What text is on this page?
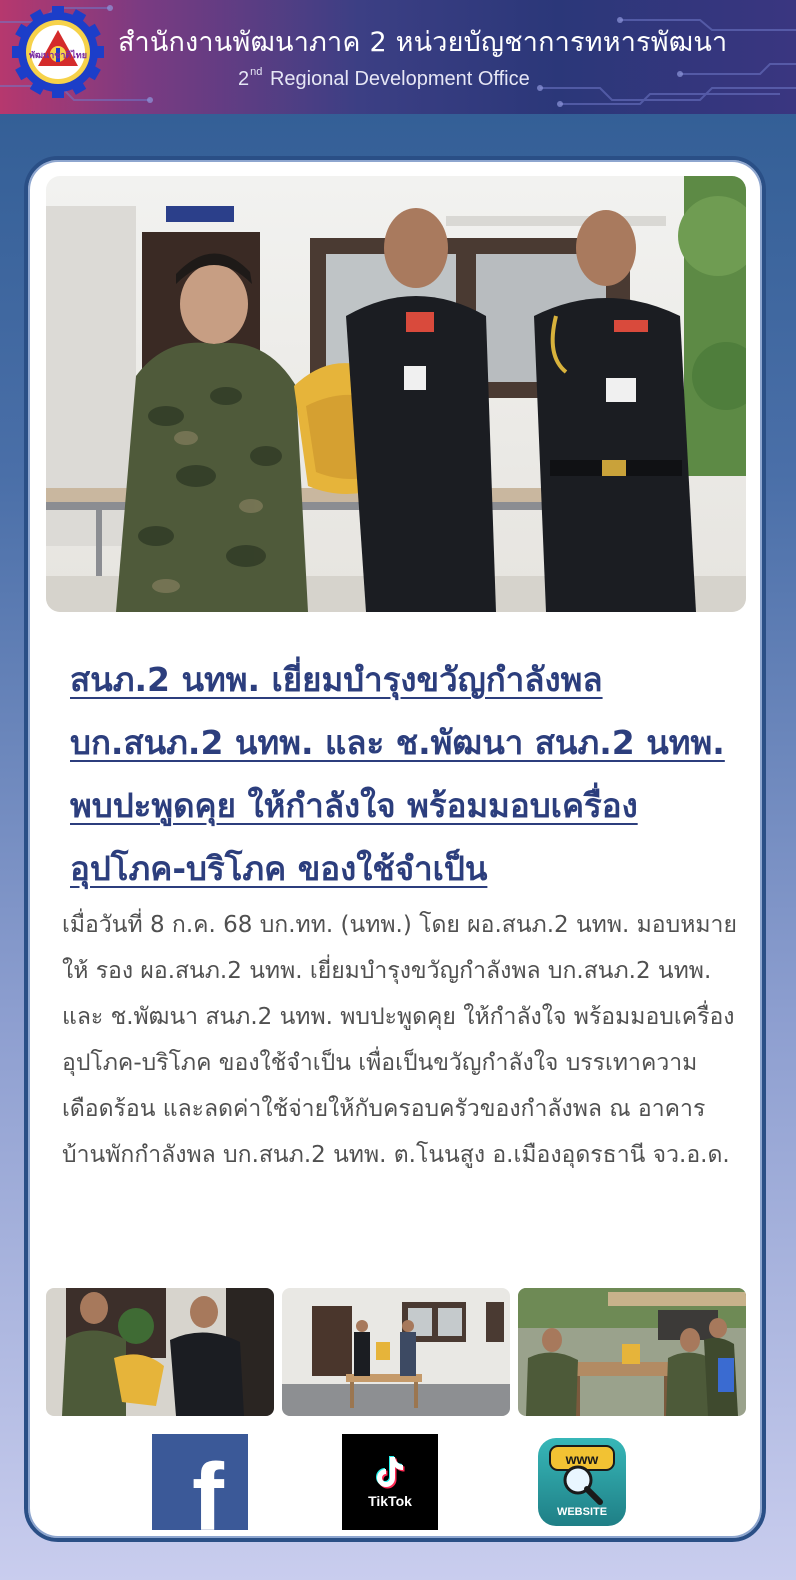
พัฒนาชาติไทย สำนักงานพัฒนาภาค 2 หน่วยบัญชาการทหารพัฒนา
2nd Regional Development Office
สนภ.2 นทพ. เยี่ยมบำรุงขวัญกำลังพล บก.สนภ.2 นทพ. และ ช.พัฒนา สนภ.2 นทพ. พบปะพูดคุย ให้กำลังใจ พร้อมมอบเครื่องอุปโภค-บริโภค ของใช้จำเป็น
เมื่อวันที่ 8 ก.ค. 68 บก.ทท. (นทพ.) โดย ผอ.สนภ.2 นทพ. มอบหมายให้ รอง ผอ.สนภ.2 นทพ. เยี่ยมบำรุงขวัญกำลังพล บก.สนภ.2 นทพ. และ ช.พัฒนา สนภ.2 นทพ. พบปะพูดคุย ให้กำลังใจ พร้อมมอบเครื่องอุปโภค-บริโภค ของใช้จำเป็น เพื่อเป็นขวัญกำลังใจ บรรเทาความเดือดร้อน และลดค่าใช้จ่ายให้กับครอบครัวของกำลังพล ณ อาคารบ้านพักกำลังพล บก.สนภ.2 นทพ. ต.โนนสูง อ.เมืองอุดรธานี จว.อ.ด.
f	TikTok
www
WEBSITE
